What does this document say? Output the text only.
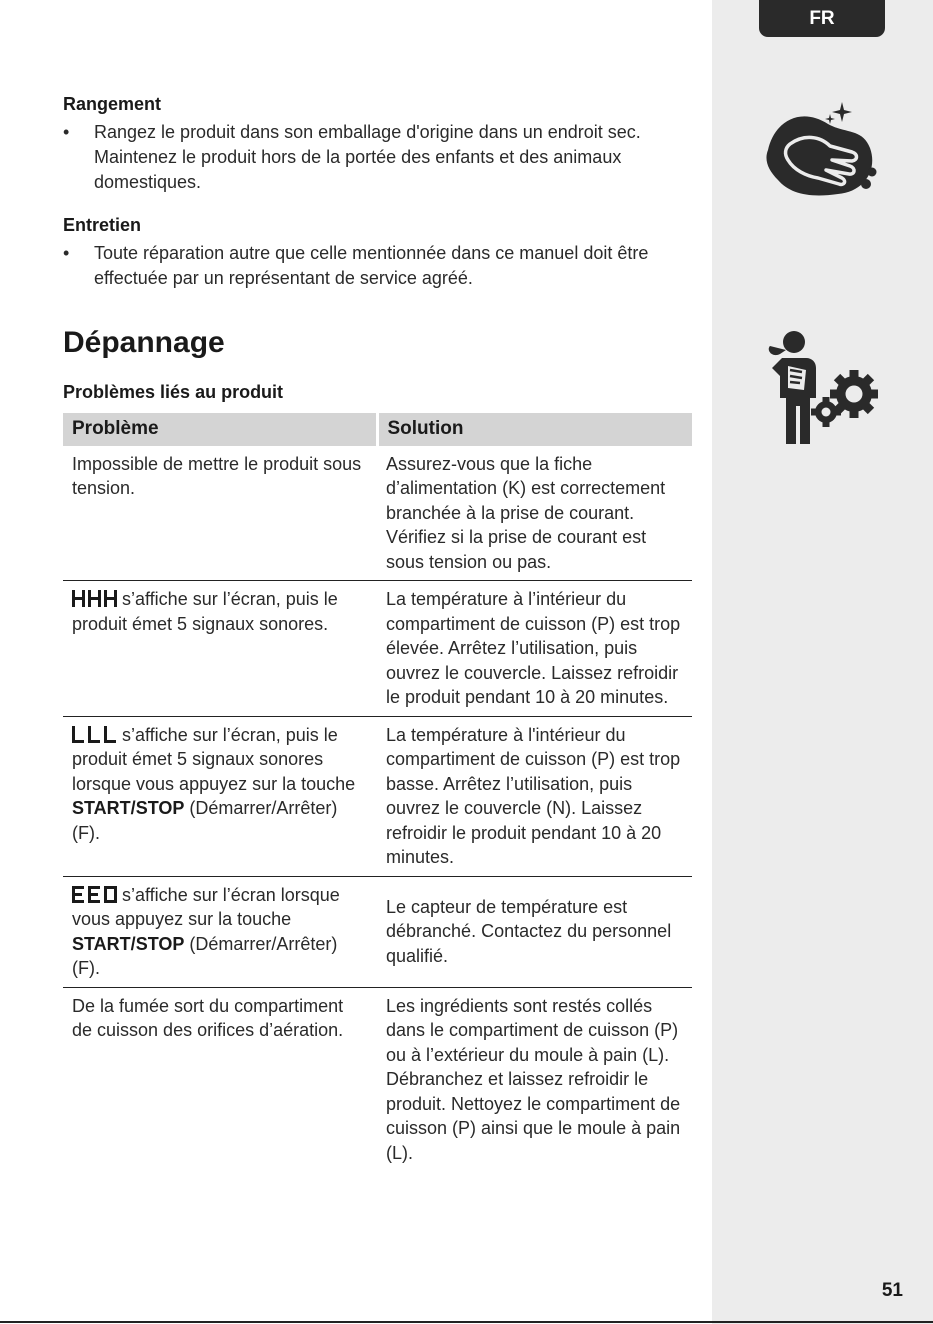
FR
Rangement
• Rangez le produit dans son emballage d'origine dans un endroit sec. Maintenez le produit hors de la portée des enfants et des animaux domestiques.
Entretien
• Toute réparation autre que celle mentionnée dans ce manuel doit être effectuée par un représentant de service agréé.
Dépannage
Problèmes liés au produit
Problème	Solution
Impossible de mettre le produit sous tension.	Assurez-vous que la fiche d’alimentation (K) est correctement branchée à la prise de courant. Vérifiez si la prise de courant est sous tension ou pas.
s’affiche sur l’écran, puis le produit émet 5 signaux sonores.	La température à l’intérieur du compartiment de cuisson (P) est trop élevée. Arrêtez l’utilisation, puis ouvrez le couvercle. Laissez refroidir le produit pendant 10 à 20 minutes.
s’affiche sur l’écran, puis le produit émet 5 signaux sonores lorsque vous appuyez sur la touche START/STOP (Démarrer/Arrêter) (F).	La température à l'intérieur du compartiment de cuisson (P) est trop basse. Arrêtez l’utilisation, puis ouvrez le couvercle (N). Laissez refroidir le produit pendant 10 à 20 minutes.
s’affiche sur l’écran lorsque vous appuyez sur la touche START/STOP (Démarrer/Arrêter) (F).	Le capteur de température est débranché. Contactez du personnel qualifié.
De la fumée sort du compartiment de cuisson des orifices d’aération.	Les ingrédients sont restés collés dans le compartiment de cuisson (P) ou à l’extérieur du moule à pain (L). Débranchez et laissez refroidir le produit. Nettoyez le compartiment de cuisson (P) ainsi que le moule à pain (L).
51
